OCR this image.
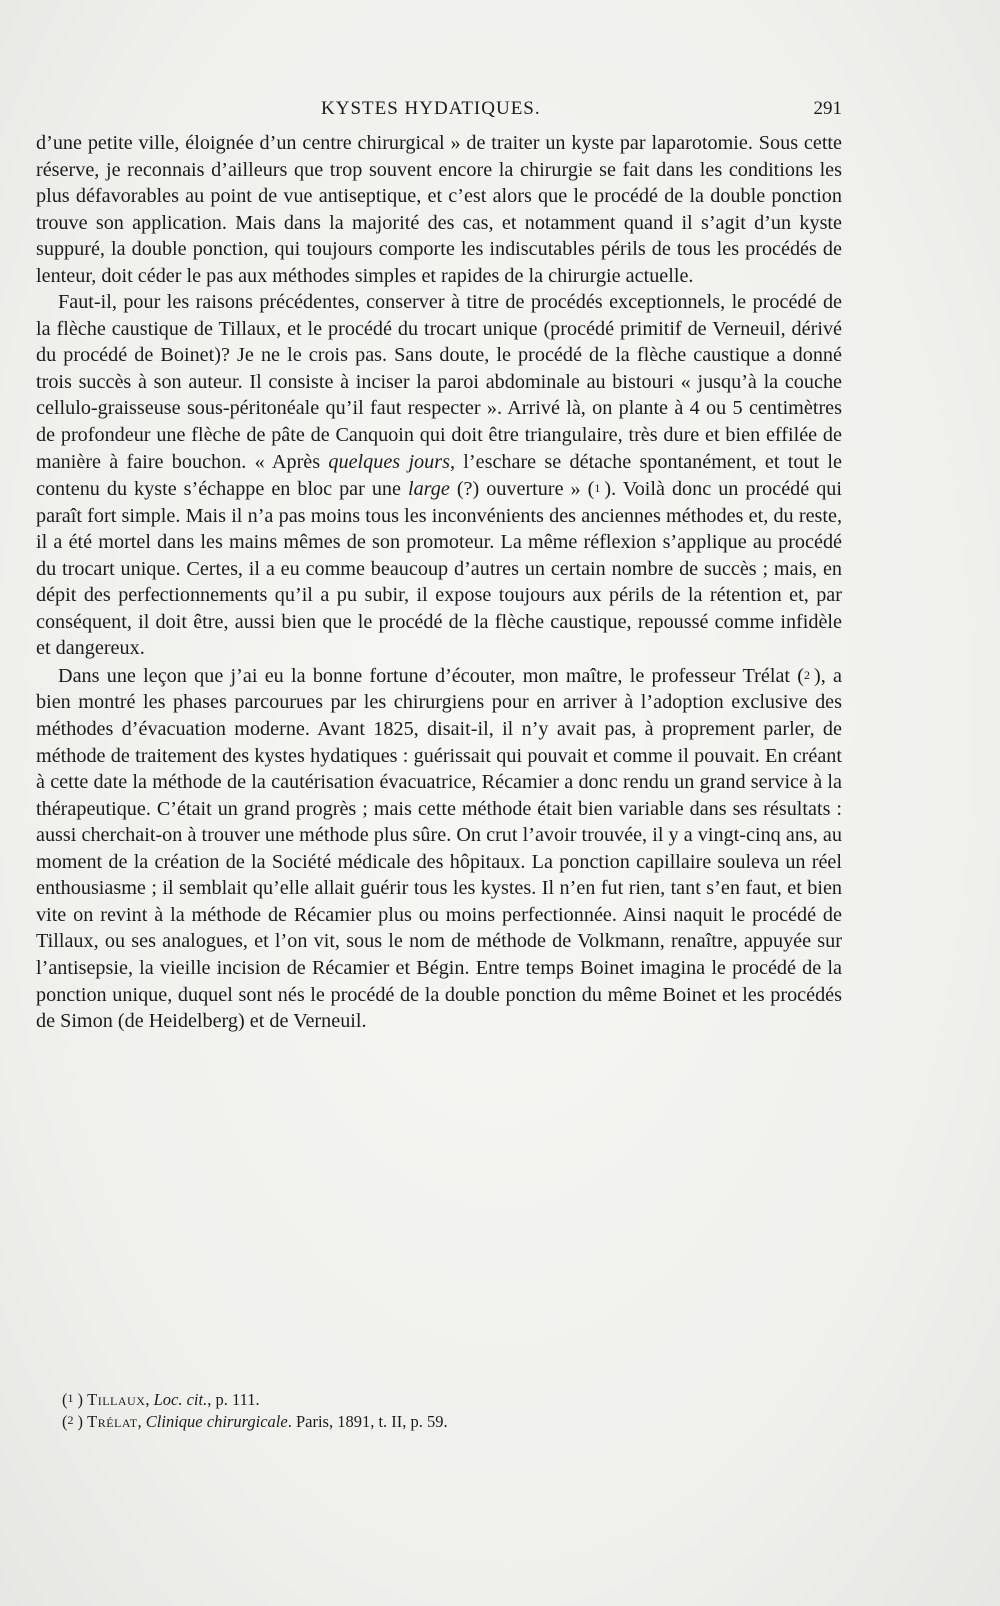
KYSTES HYDATIQUES.	291

d’une petite ville, éloignée d’un centre chirurgical » de traiter un kyste par laparotomie. Sous cette réserve, je reconnais d’ailleurs que trop souvent encore la chirurgie se fait dans les conditions les plus défavorables au point de vue antiseptique, et c’est alors que le procédé de la double ponction trouve son application. Mais dans la majorité des cas, et notamment quand il s’agit d’un kyste suppuré, la double ponction, qui toujours comporte les indiscutables périls de tous les procédés de lenteur, doit céder le pas aux méthodes simples et rapides de la chirurgie actuelle.

Faut-il, pour les raisons précédentes, conserver à titre de procédés exceptionnels, le procédé de la flèche caustique de Tillaux, et le procédé du trocart unique (procédé primitif de Verneuil, dérivé du procédé de Boinet)? Je ne le crois pas. Sans doute, le procédé de la flèche caustique a donné trois succès à son auteur. Il consiste à inciser la paroi abdominale au bistouri « jusqu’à la couche cellulo-graisseuse sous-péritonéale qu’il faut respecter ». Arrivé là, on plante à 4 ou 5 centimètres de profondeur une flèche de pâte de Canquoin qui doit être triangulaire, très dure et bien effilée de manière à faire bouchon. « Après quelques jours, l’eschare se détache spontanément, et tout le contenu du kyste s’échappe en bloc par une large (?) ouverture » ($^1$ ). Voilà donc un procédé qui paraît fort simple. Mais il n’a pas moins tous les inconvénients des anciennes méthodes et, du reste, il a été mortel dans les mains mêmes de son promoteur. La même réflexion s’applique au procédé du trocart unique. Certes, il a eu comme beaucoup d’autres un certain nombre de succès ; mais, en dépit des perfectionnements qu’il a pu subir, il expose toujours aux périls de la rétention et, par conséquent, il doit être, aussi bien que le procédé de la flèche caustique, repoussé comme infidèle et dangereux.

Dans une leçon que j’ai eu la bonne fortune d’écouter, mon maître, le professeur Trélat ($^2$ ), a bien montré les phases parcourues par les chirurgiens pour en arriver à l’adoption exclusive des méthodes d’évacuation moderne. Avant 1825, disait-il, il n’y avait pas, à proprement parler, de méthode de traitement des kystes hydatiques : guérissait qui pouvait et comme il pouvait. En créant à cette date la méthode de la cautérisation évacuatrice, Récamier a donc rendu un grand service à la thérapeutique. C’était un grand progrès ; mais cette méthode était bien variable dans ses résultats : aussi cherchait-on à trouver une méthode plus sûre. On crut l’avoir trouvée, il y a vingt-cinq ans, au moment de la création de la Société médicale des hôpitaux. La ponction capillaire souleva un réel enthousiasme ; il semblait qu’elle allait guérir tous les kystes. Il n’en fut rien, tant s’en faut, et bien vite on revint à la méthode de Récamier plus ou moins perfectionnée. Ainsi naquit le procédé de Tillaux, ou ses analogues, et l’on vit, sous le nom de méthode de Volkmann, renaître, appuyée sur l’antisepsie, la vieille incision de Récamier et Bégin. Entre temps Boinet imagina le procédé de la ponction unique, duquel sont nés le procédé de la double ponction du même Boinet et les procédés de Simon (de Heidelberg) et de Verneuil.

($^1$ ) Tillaux, Loc. cit., p. 111.
($^2$ ) Trélat, Clinique chirurgicale. Paris, 1891, t. II, p. 59.
